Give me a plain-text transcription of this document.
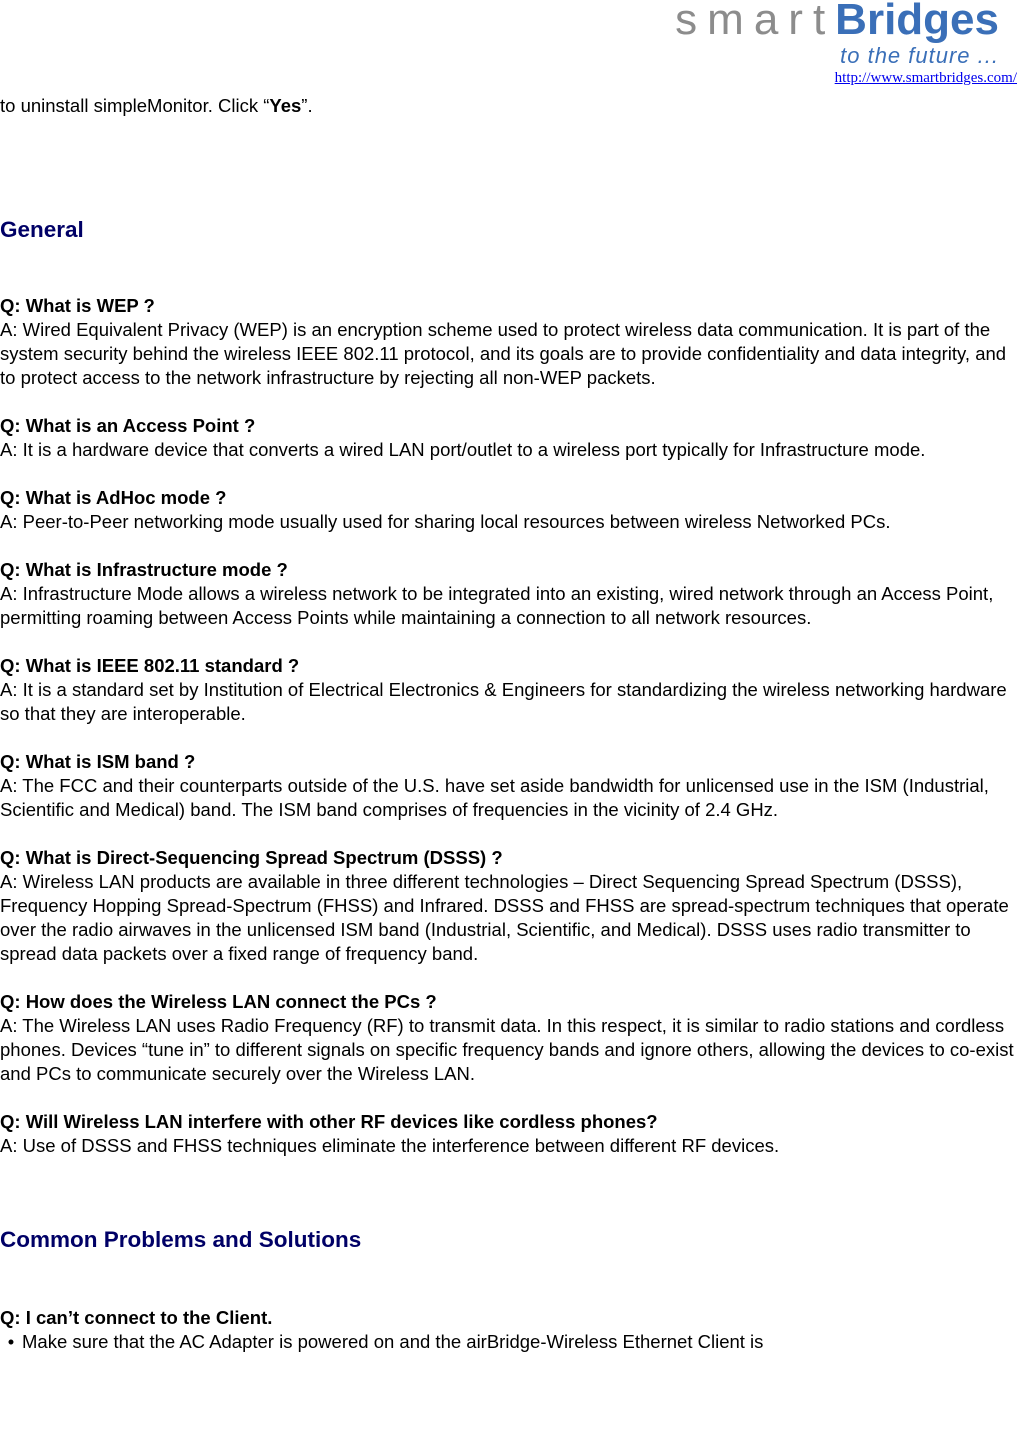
smartBridges
to the future ...
http://www.smartbridges.com/

to uninstall simpleMonitor. Click “Yes”.

General
Q: What is WEP ?
A: Wired Equivalent Privacy (WEP) is an encryption scheme used to protect wireless data communication. It is part of the system security behind the wireless IEEE 802.11 protocol, and its goals are to provide confidentiality and data integrity, and to protect access to the network infrastructure by rejecting all non-WEP packets.
Q: What is an Access Point ?
A: It is a hardware device that converts a wired LAN port/outlet to a wireless port typically for Infrastructure mode.
Q: What is AdHoc mode ?
A: Peer-to-Peer networking mode usually used for sharing local resources between wireless Networked PCs.
Q: What is Infrastructure mode ?
A: Infrastructure Mode allows a wireless network to be integrated into an existing, wired network through an Access Point, permitting roaming between Access Points while maintaining a connection to all network resources.
Q: What is IEEE 802.11 standard ?
A: It is a standard set by Institution of Electrical Electronics & Engineers for standardizing the wireless networking hardware so that they are interoperable.
Q: What is ISM band ?
A: The FCC and their counterparts outside of the U.S. have set aside bandwidth for unlicensed use in the ISM (Industrial, Scientific and Medical) band. The ISM band comprises of frequencies in the vicinity of 2.4 GHz.
Q: What is Direct-Sequencing Spread Spectrum (DSSS) ?
A: Wireless LAN products are available in three different technologies – Direct Sequencing Spread Spectrum (DSSS), Frequency Hopping Spread-Spectrum (FHSS) and Infrared. DSSS and FHSS are spread-spectrum techniques that operate over the radio airwaves in the unlicensed ISM band (Industrial, Scientific, and Medical). DSSS uses radio transmitter to spread data packets over a fixed range of frequency band.
Q: How does the Wireless LAN connect the PCs ?
A: The Wireless LAN uses Radio Frequency (RF) to transmit data. In this respect, it is similar to radio stations and cordless phones. Devices “tune in” to different signals on specific frequency bands and ignore others, allowing the devices to co-exist and PCs to communicate securely over the Wireless LAN.
Q: Will Wireless LAN interfere with other RF devices like cordless phones?
A: Use of DSSS and FHSS techniques eliminate the interference between different RF devices.
Common Problems and Solutions
Q: I can’t connect to the Client.

• Make sure that the AC Adapter is powered on and the airBridge-Wireless Ethernet Client is
